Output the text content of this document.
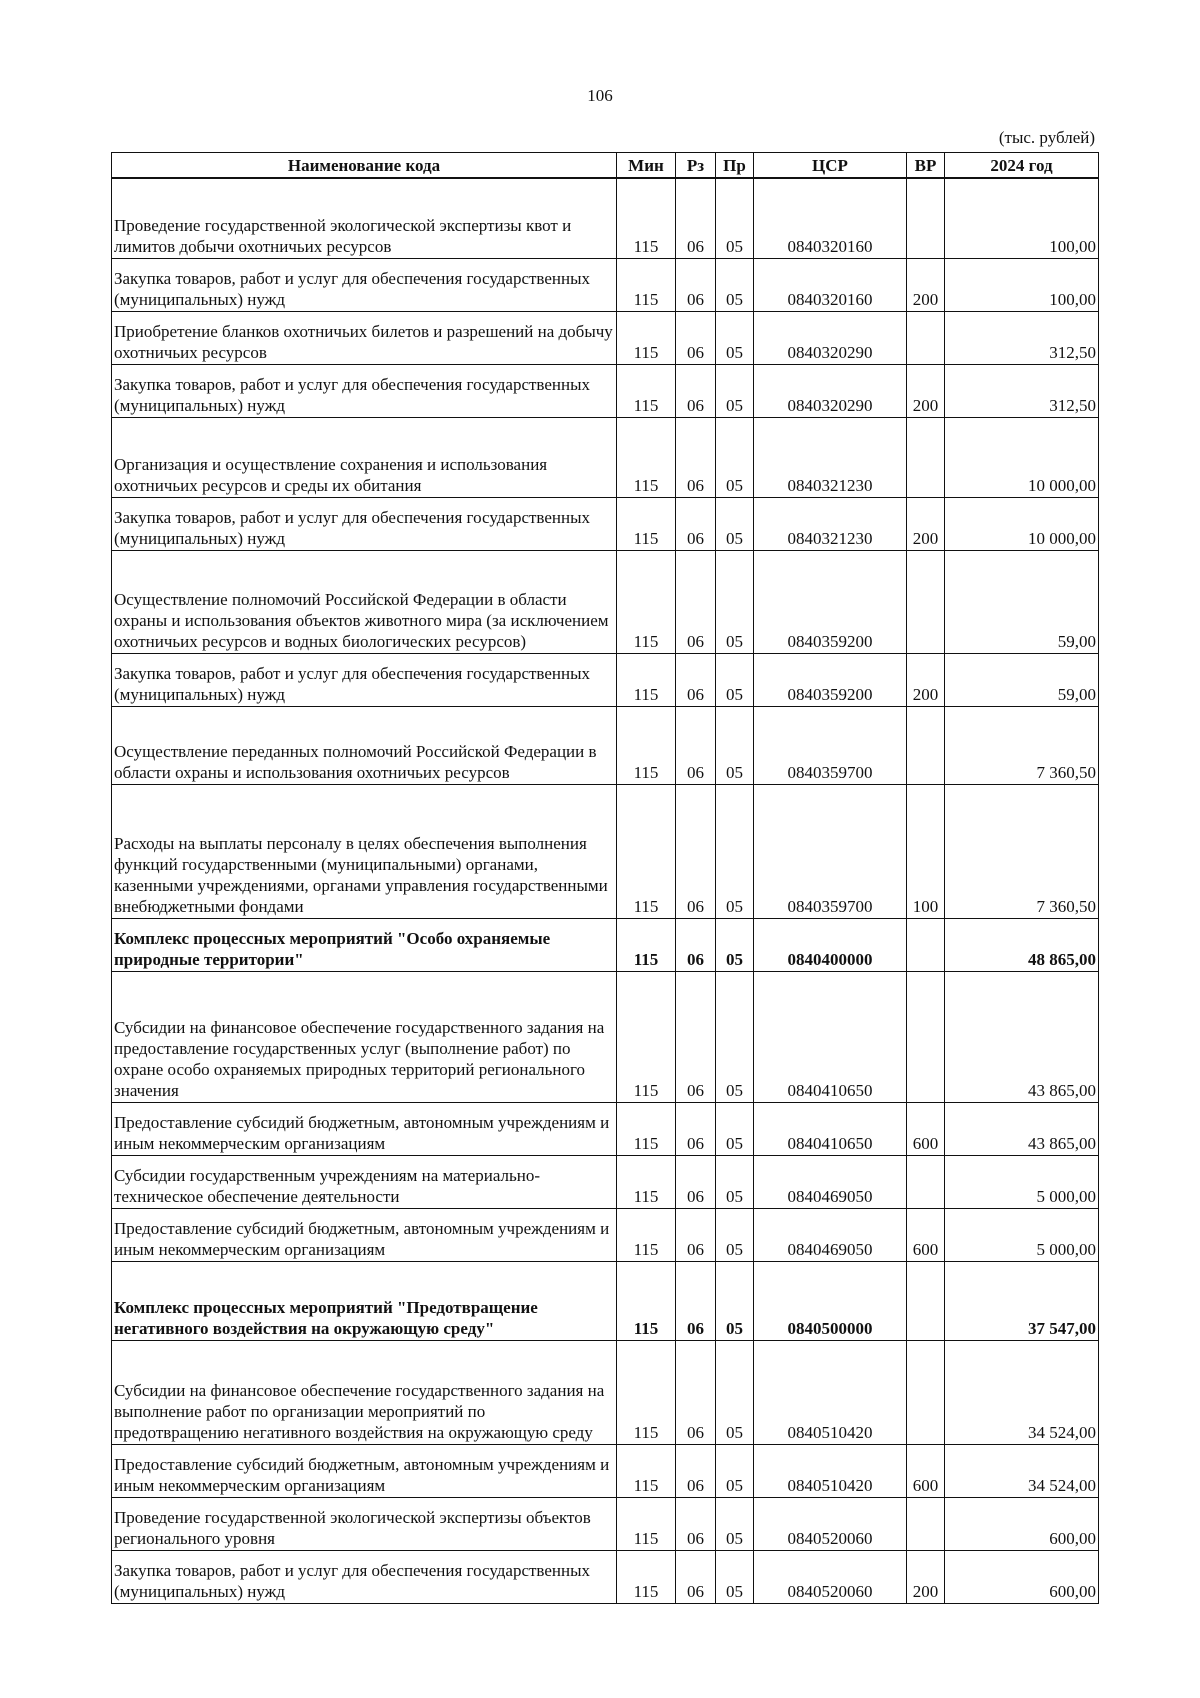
106
(тыс. рублей)
Наименование кода	Мин	Рз	Пр	ЦСР	ВР	2024 год
Проведение государственной экологической экспертизы квот и лимитов добычи охотничьих ресурсов	115	06	05	0840320160		100,00
Закупка товаров, работ и услуг для обеспечения государственных (муниципальных) нужд	115	06	05	0840320160	200	100,00
Приобретение бланков охотничьих билетов и разрешений на добычу охотничьих ресурсов	115	06	05	0840320290		312,50
Закупка товаров, работ и услуг для обеспечения государственных (муниципальных) нужд	115	06	05	0840320290	200	312,50
Организация и осуществление сохранения и использования охотничьих ресурсов и среды их обитания	115	06	05	0840321230		10 000,00
Закупка товаров, работ и услуг для обеспечения государственных (муниципальных) нужд	115	06	05	0840321230	200	10 000,00
Осуществление полномочий Российской Федерации в области охраны и использования объектов животного мира (за исключением охотничьих ресурсов и водных биологических ресурсов)	115	06	05	0840359200		59,00
Закупка товаров, работ и услуг для обеспечения государственных (муниципальных) нужд	115	06	05	0840359200	200	59,00
Осуществление переданных полномочий Российской Федерации в области охраны и использования охотничьих ресурсов	115	06	05	0840359700		7 360,50
Расходы на выплаты персоналу в целях обеспечения выполнения функций государственными (муниципальными) органами, казенными учреждениями, органами управления государственными внебюджетными фондами	115	06	05	0840359700	100	7 360,50
Комплекс процессных мероприятий "Особо охраняемые природные территории"	115	06	05	0840400000		48 865,00
Субсидии на финансовое обеспечение государственного задания на предоставление государственных услуг (выполнение работ) по охране особо охраняемых природных территорий регионального значения	115	06	05	0840410650		43 865,00
Предоставление субсидий бюджетным, автономным учреждениям и иным некоммерческим организациям	115	06	05	0840410650	600	43 865,00
Субсидии государственным учреждениям на материально-техническое обеспечение деятельности	115	06	05	0840469050		5 000,00
Предоставление субсидий бюджетным, автономным учреждениям и иным некоммерческим организациям	115	06	05	0840469050	600	5 000,00
Комплекс процессных мероприятий "Предотвращение негативного воздействия на окружающую среду"	115	06	05	0840500000		37 547,00
Субсидии на финансовое обеспечение государственного задания на выполнение работ по организации мероприятий по предотвращению негативного воздействия на окружающую среду	115	06	05	0840510420		34 524,00
Предоставление субсидий бюджетным, автономным учреждениям и иным некоммерческим организациям	115	06	05	0840510420	600	34 524,00
Проведение государственной экологической экспертизы объектов регионального уровня	115	06	05	0840520060		600,00
Закупка товаров, работ и услуг для обеспечения государственных (муниципальных) нужд	115	06	05	0840520060	200	600,00
